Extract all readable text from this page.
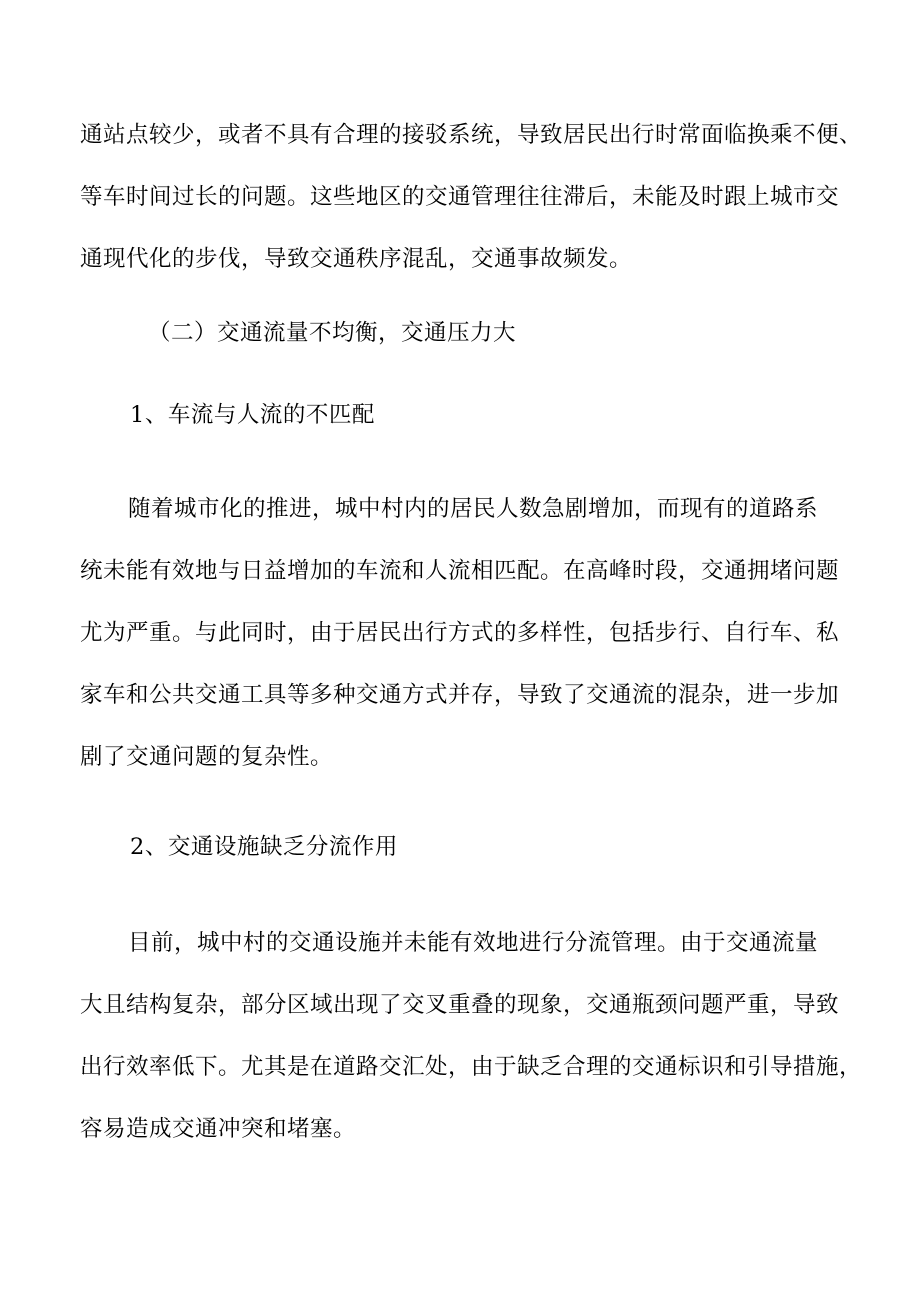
通站点较少，或者不具有合理的接驳系统，导致居民出行时常面临换乘不便、
等车时间过长的问题。这些地区的交通管理往往滞后，未能及时跟上城市交
通现代化的步伐，导致交通秩序混乱，交通事故频发。
（二）交通流量不均衡，交通压力大
1、车流与人流的不匹配
随着城市化的推进，城中村内的居民人数急剧增加，而现有的道路系
统未能有效地与日益增加的车流和人流相匹配。在高峰时段，交通拥堵问题
尤为严重。与此同时，由于居民出行方式的多样性，包括步行、自行车、私
家车和公共交通工具等多种交通方式并存，导致了交通流的混杂，进一步加
剧了交通问题的复杂性。
2、交通设施缺乏分流作用
目前，城中村的交通设施并未能有效地进行分流管理。由于交通流量
大且结构复杂，部分区域出现了交叉重叠的现象，交通瓶颈问题严重，导致
出行效率低下。尤其是在道路交汇处，由于缺乏合理的交通标识和引导措施，
容易造成交通冲突和堵塞。
